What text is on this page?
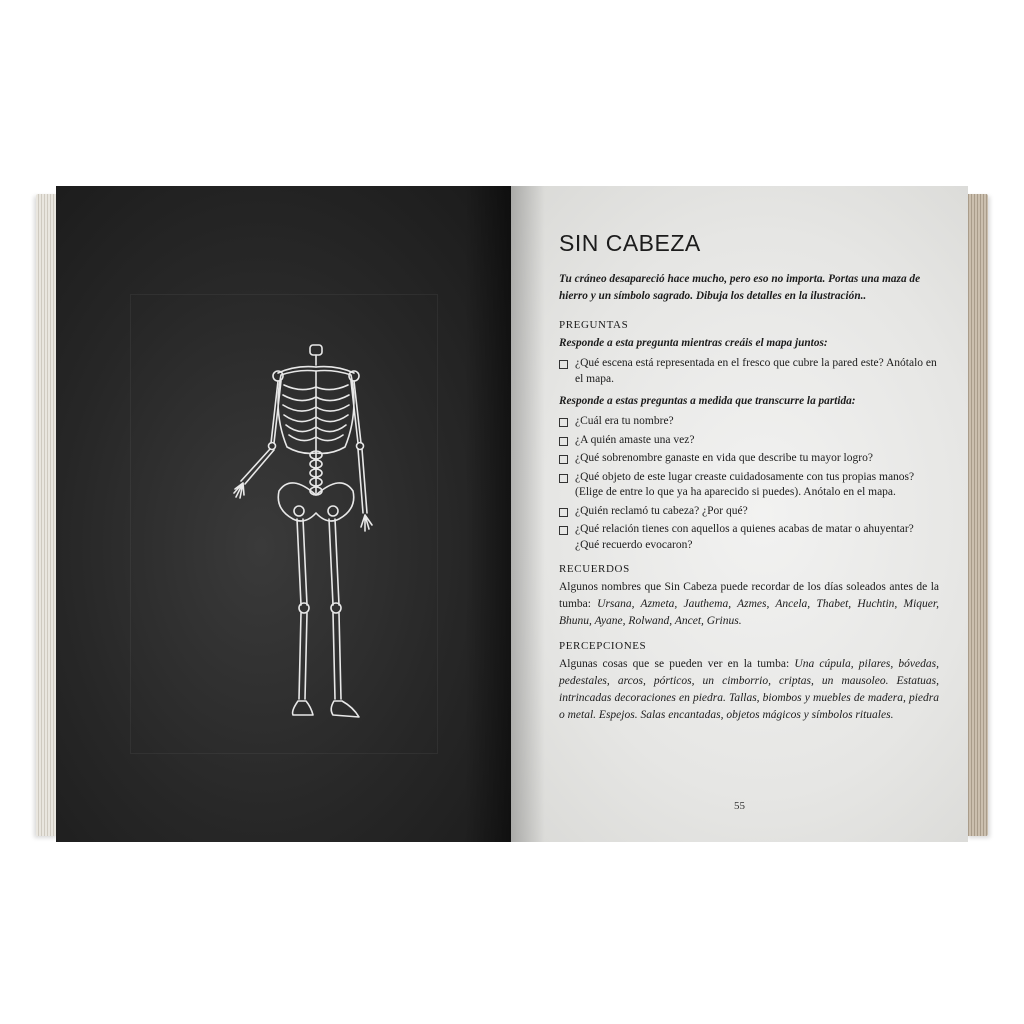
SIN CABEZA

Tu cráneo desapareció hace mucho, pero eso no importa. Portas una maza de hierro y un símbolo sagrado. Dibuja los detalles en la ilustración..

PREGUNTAS

Responde a esta pregunta mientras creáis el mapa juntos:

¿Qué escena está representada en el fresco que cubre la pared este? Anótalo en el mapa.

Responde a estas preguntas a medida que transcurre la partida:

¿Cuál era tu nombre?
¿A quién amaste una vez?
¿Qué sobrenombre ganaste en vida que describe tu mayor logro?
¿Qué objeto de este lugar creaste cuidadosamente con tus propias manos? (Elige de entre lo que ya ha aparecido si puedes). Anótalo en el mapa.
¿Quién reclamó tu cabeza? ¿Por qué?
¿Qué relación tienes con aquellos a quienes acabas de matar o ahuyentar? ¿Qué recuerdo evocaron?
RECUERDOS

Algunos nombres que Sin Cabeza puede recordar de los días soleados antes de la tumba: Ursana, Azmeta, Jauthema, Azmes, Ancela, Thabet, Huchtin, Miquer, Bhunu, Ayane, Rolwand, Ancet, Grinus.

PERCEPCIONES

Algunas cosas que se pueden ver en la tumba: Una cúpula, pilares, bóvedas, pedestales, arcos, pórticos, un cimborrio, criptas, un mausoleo. Estatuas, intrincadas decoraciones en piedra. Tallas, biombos y muebles de madera, piedra o metal. Espejos. Salas encantadas, objetos mágicos y símbolos rituales.

55
